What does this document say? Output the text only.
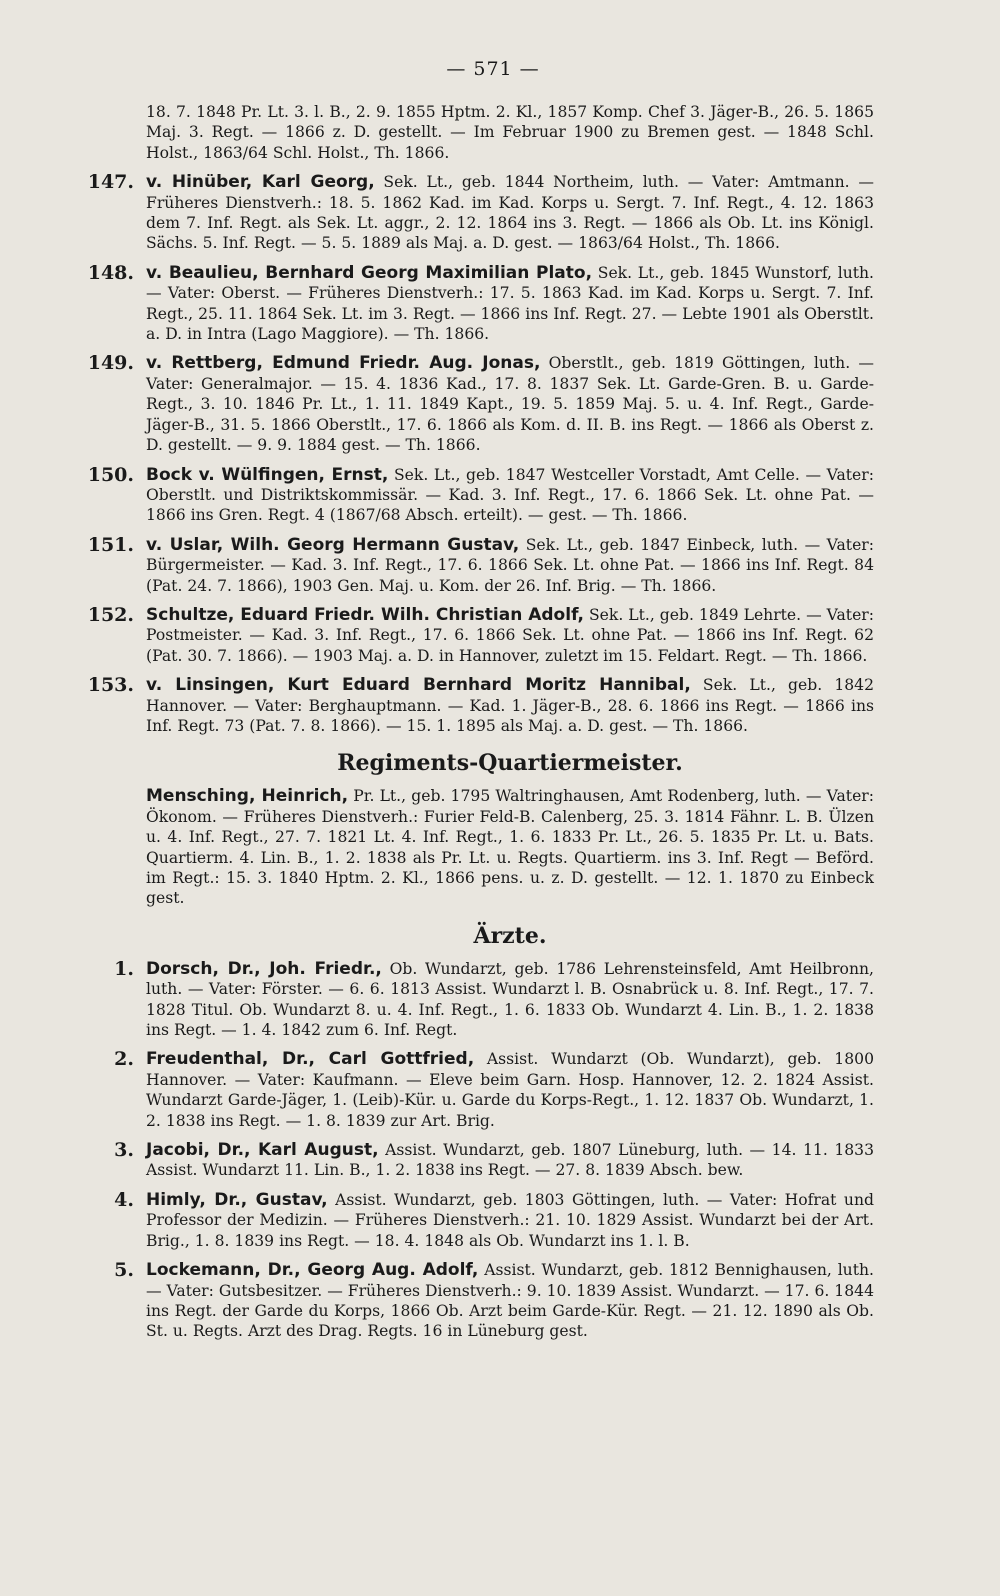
— 571 —
18. 7. 1848 Pr. Lt. 3. l. B., 2. 9. 1855 Hptm. 2. Kl., 1857 Komp. Chef 3. Jäger-B., 26. 5. 1865 Maj. 3. Regt. — 1866 z. D. gestellt. — Im Februar 1900 zu Bremen gest. — 1848 Schl. Holst., 1863/64 Schl. Holst., Th. 1866.
147. v. Hinüber, Karl Georg, Sek. Lt., geb. 1844 Northeim, luth. — Vater: Amtmann. — Früheres Dienstverh.: 18. 5. 1862 Kad. im Kad. Korps u. Sergt. 7. Inf. Regt., 4. 12. 1863 dem 7. Inf. Regt. als Sek. Lt. aggr., 2. 12. 1864 ins 3. Regt. — 1866 als Ob. Lt. ins Königl. Sächs. 5. Inf. Regt. — 5. 5. 1889 als Maj. a. D. gest. — 1863/64 Holst., Th. 1866.
148. v. Beaulieu, Bernhard Georg Maximilian Plato, Sek. Lt., geb. 1845 Wunstorf, luth. — Vater: Oberst. — Früheres Dienstverh.: 17. 5. 1863 Kad. im Kad. Korps u. Sergt. 7. Inf. Regt., 25. 11. 1864 Sek. Lt. im 3. Regt. — 1866 ins Inf. Regt. 27. — Lebte 1901 als Oberstlt. a. D. in Intra (Lago Maggiore). — Th. 1866.
149. v. Rettberg, Edmund Friedr. Aug. Jonas, Oberstlt., geb. 1819 Göttingen, luth. — Vater: Generalmajor. — 15. 4. 1836 Kad., 17. 8. 1837 Sek. Lt. Garde-Gren. B. u. Garde-Regt., 3. 10. 1846 Pr. Lt., 1. 11. 1849 Kapt., 19. 5. 1859 Maj. 5. u. 4. Inf. Regt., Garde-Jäger-B., 31. 5. 1866 Oberstlt., 17. 6. 1866 als Kom. d. II. B. ins Regt. — 1866 als Oberst z. D. gestellt. — 9. 9. 1884 gest. — Th. 1866.
150. Bock v. Wülfingen, Ernst, Sek. Lt., geb. 1847 Westceller Vorstadt, Amt Celle. — Vater: Oberstlt. und Distriktskommissär. — Kad. 3. Inf. Regt., 17. 6. 1866 Sek. Lt. ohne Pat. — 1866 ins Gren. Regt. 4 (1867/68 Absch. erteilt). — gest. — Th. 1866.
151. v. Uslar, Wilh. Georg Hermann Gustav, Sek. Lt., geb. 1847 Einbeck, luth. — Vater: Bürgermeister. — Kad. 3. Inf. Regt., 17. 6. 1866 Sek. Lt. ohne Pat. — 1866 ins Inf. Regt. 84 (Pat. 24. 7. 1866), 1903 Gen. Maj. u. Kom. der 26. Inf. Brig. — Th. 1866.
152. Schultze, Eduard Friedr. Wilh. Christian Adolf, Sek. Lt., geb. 1849 Lehrte. — Vater: Postmeister. — Kad. 3. Inf. Regt., 17. 6. 1866 Sek. Lt. ohne Pat. — 1866 ins Inf. Regt. 62 (Pat. 30. 7. 1866). — 1903 Maj. a. D. in Hannover, zuletzt im 15. Feldart. Regt. — Th. 1866.
153. v. Linsingen, Kurt Eduard Bernhard Moritz Hannibal, Sek. Lt., geb. 1842 Hannover. — Vater: Berghauptmann. — Kad. 1. Jäger-B., 28. 6. 1866 ins Regt. — 1866 ins Inf. Regt. 73 (Pat. 7. 8. 1866). — 15. 1. 1895 als Maj. a. D. gest. — Th. 1866.
Regiments-Quartiermeister.
Mensching, Heinrich, Pr. Lt., geb. 1795 Waltringhausen, Amt Rodenberg, luth. — Vater: Ökonom. — Früheres Dienstverh.: Furier Feld-B. Calenberg, 25. 3. 1814 Fähnr. L. B. Ülzen u. 4. Inf. Regt., 27. 7. 1821 Lt. 4. Inf. Regt., 1. 6. 1833 Pr. Lt., 26. 5. 1835 Pr. Lt. u. Bats. Quartierm. 4. Lin. B., 1. 2. 1838 als Pr. Lt. u. Regts. Quartierm. ins 3. Inf. Regt — Beförd. im Regt.: 15. 3. 1840 Hptm. 2. Kl., 1866 pens. u. z. D. gestellt. — 12. 1. 1870 zu Einbeck gest.
Ärzte.
1. Dorsch, Dr., Joh. Friedr., Ob. Wundarzt, geb. 1786 Lehrensteinsfeld, Amt Heilbronn, luth. — Vater: Förster. — 6. 6. 1813 Assist. Wundarzt l. B. Osnabrück u. 8. Inf. Regt., 17. 7. 1828 Titul. Ob. Wundarzt 8. u. 4. Inf. Regt., 1. 6. 1833 Ob. Wundarzt 4. Lin. B., 1. 2. 1838 ins Regt. — 1. 4. 1842 zum 6. Inf. Regt.
2. Freudenthal, Dr., Carl Gottfried, Assist. Wundarzt (Ob. Wundarzt), geb. 1800 Hannover. — Vater: Kaufmann. — Eleve beim Garn. Hosp. Hannover, 12. 2. 1824 Assist. Wundarzt Garde-Jäger, 1. (Leib)-Kür. u. Garde du Korps-Regt., 1. 12. 1837 Ob. Wundarzt, 1. 2. 1838 ins Regt. — 1. 8. 1839 zur Art. Brig.
3. Jacobi, Dr., Karl August, Assist. Wundarzt, geb. 1807 Lüneburg, luth. — 14. 11. 1833 Assist. Wundarzt 11. Lin. B., 1. 2. 1838 ins Regt. — 27. 8. 1839 Absch. bew.
4. Himly, Dr., Gustav, Assist. Wundarzt, geb. 1803 Göttingen, luth. — Vater: Hofrat und Professor der Medizin. — Früheres Dienstverh.: 21. 10. 1829 Assist. Wundarzt bei der Art. Brig., 1. 8. 1839 ins Regt. — 18. 4. 1848 als Ob. Wundarzt ins 1. l. B.
5. Lockemann, Dr., Georg Aug. Adolf, Assist. Wundarzt, geb. 1812 Bennighausen, luth. — Vater: Gutsbesitzer. — Früheres Dienstverh.: 9. 10. 1839 Assist. Wundarzt. — 17. 6. 1844 ins Regt. der Garde du Korps, 1866 Ob. Arzt beim Garde-Kür. Regt. — 21. 12. 1890 als Ob. St. u. Regts. Arzt des Drag. Regts. 16 in Lüneburg gest.
